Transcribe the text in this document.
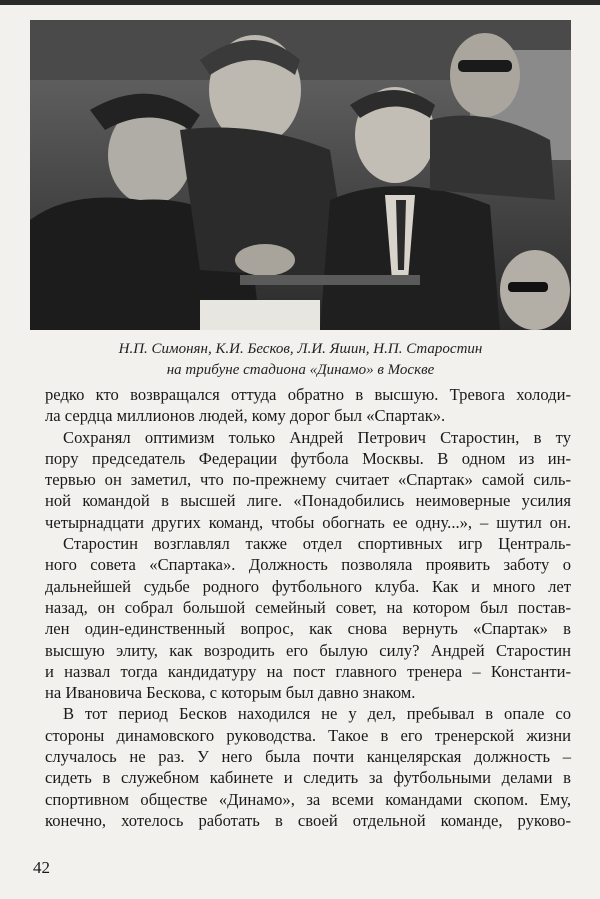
Н.П. Симонян, К.И. Бесков, Л.И. Яшин, Н.П. Старостин
на трибуне стадиона «Динамо» в Москве
редко кто возвращался оттуда обратно в высшую. Тревога холоди-
ла сердца миллионов людей, кому дорог был «Спартак».
Сохранял оптимизм только Андрей Петрович Старостин, в ту
пору председатель Федерации футбола Москвы. В одном из ин-
тервью он заметил, что по-прежнему считает «Спартак» самой силь-
ной командой в высшей лиге. «Понадобились неимоверные усилия
четырнадцати других команд, чтобы обогнать ее одну...», – шутил он.
Старостин возглавлял также отдел спортивных игр Централь-
ного совета «Спартака». Должность позволяла проявить заботу о
дальнейшей судьбе родного футбольного клуба. Как и много лет
назад, он собрал большой семейный совет, на котором был постав-
лен один-единственный вопрос, как снова вернуть «Спартак» в
высшую элиту, как возродить его былую силу? Андрей Старостин
и назвал тогда кандидатуру на пост главного тренера – Константи-
на Ивановича Бескова, с которым был давно знаком.
В тот период Бесков находился не у дел, пребывал в опале со
стороны динамовского руководства. Такое в его тренерской жизни
случалось не раз. У него была почти канцелярская должность –
сидеть в служебном кабинете и следить за футбольными делами в
спортивном обществе «Динамо», за всеми командами скопом. Ему,
конечно, хотелось работать в своей отдельной команде, руково-
42
